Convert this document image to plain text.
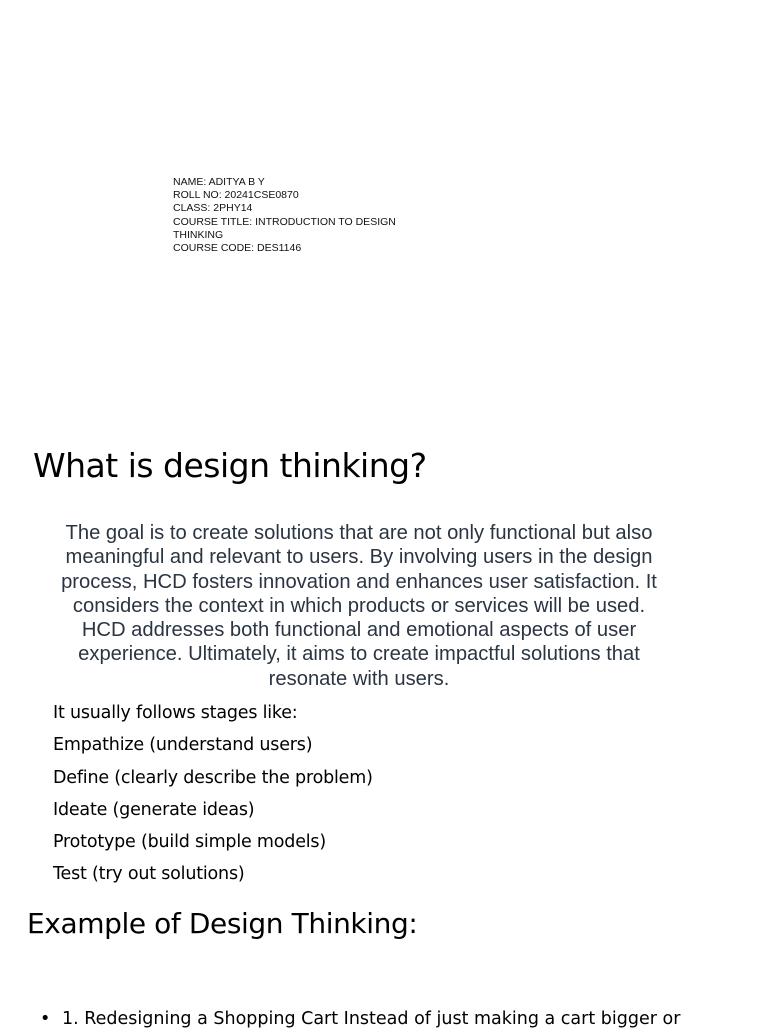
NAME: ADITYA B Y
ROLL NO: 20241CSE0870
CLASS: 2PHY14
COURSE TITLE: INTRODUCTION TO DESIGN THINKING
COURSE CODE: DES1146
What is design thinking?
The goal is to create solutions that are not only functional but also meaningful and relevant to users. By involving users in the design process, HCD fosters innovation and enhances user satisfaction. It considers the context in which products or services will be used. HCD addresses both functional and emotional aspects of user experience. Ultimately, it aims to create impactful solutions that resonate with users.
It usually follows stages like:
Empathize (understand users)
Define (clearly describe the problem)
Ideate (generate ideas)
Prototype (build simple models)
Test (try out solutions)
Example of Design Thinking:
• 1. Redesigning a Shopping Cart Instead of just making a cart bigger or
